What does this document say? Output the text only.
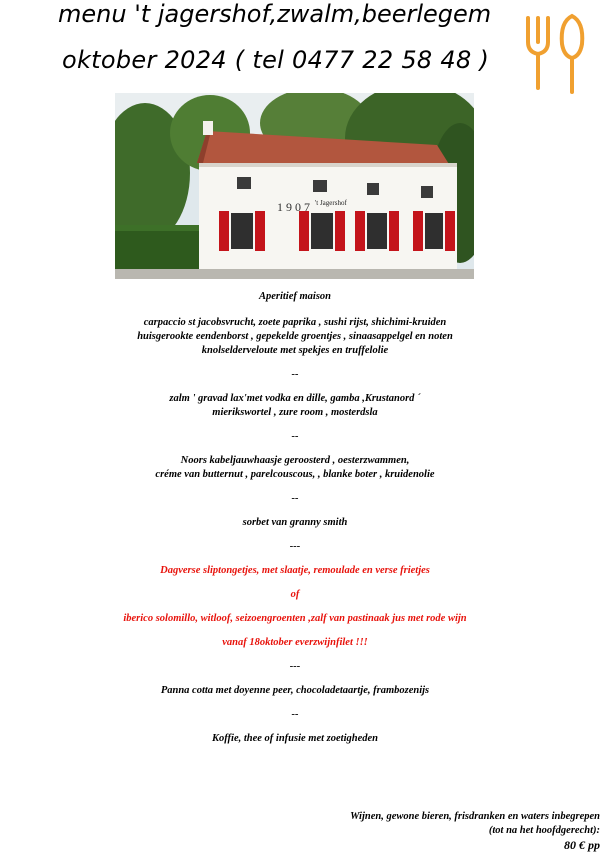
menu 't jagershof,zwalm,beerlegem
oktober 2024 ( tel 0477 22 58 48 )
1 9 0 7 't Jagershof
Aperitief maison
carpaccio st jacobsvrucht, zoete paprika , sushi rijst, shichimi-kruiden
huisgerookte eendenborst , gepekelde groentjes , sinaasappelgel en noten
knolselderveloute met spekjes en truffelolie
--
zalm ' gravad lax'met vodka en dille, gamba ,Krustanord ´
mierikswortel , zure room , mosterdsla
--
Noors kabeljauwhaasje geroosterd , oesterzwammen,
créme van butternut , parelcouscous, , blanke boter , kruidenolie
--
sorbet van granny smith
---
Dagverse sliptongetjes, met slaatje, remoulade en verse frietjes
of
iberico solomillo, witloof, seizoengroenten ,zalf van pastinaak jus met rode wijn
vanaf 18oktober everzwijnfilet !!!
---
Panna cotta met doyenne peer, chocoladetaartje, frambozenijs
--
Koffie, thee of infusie met zoetigheden
Wijnen, gewone bieren, frisdranken en waters inbegrepen
(tot na het hoofdgerecht):
80 € pp
